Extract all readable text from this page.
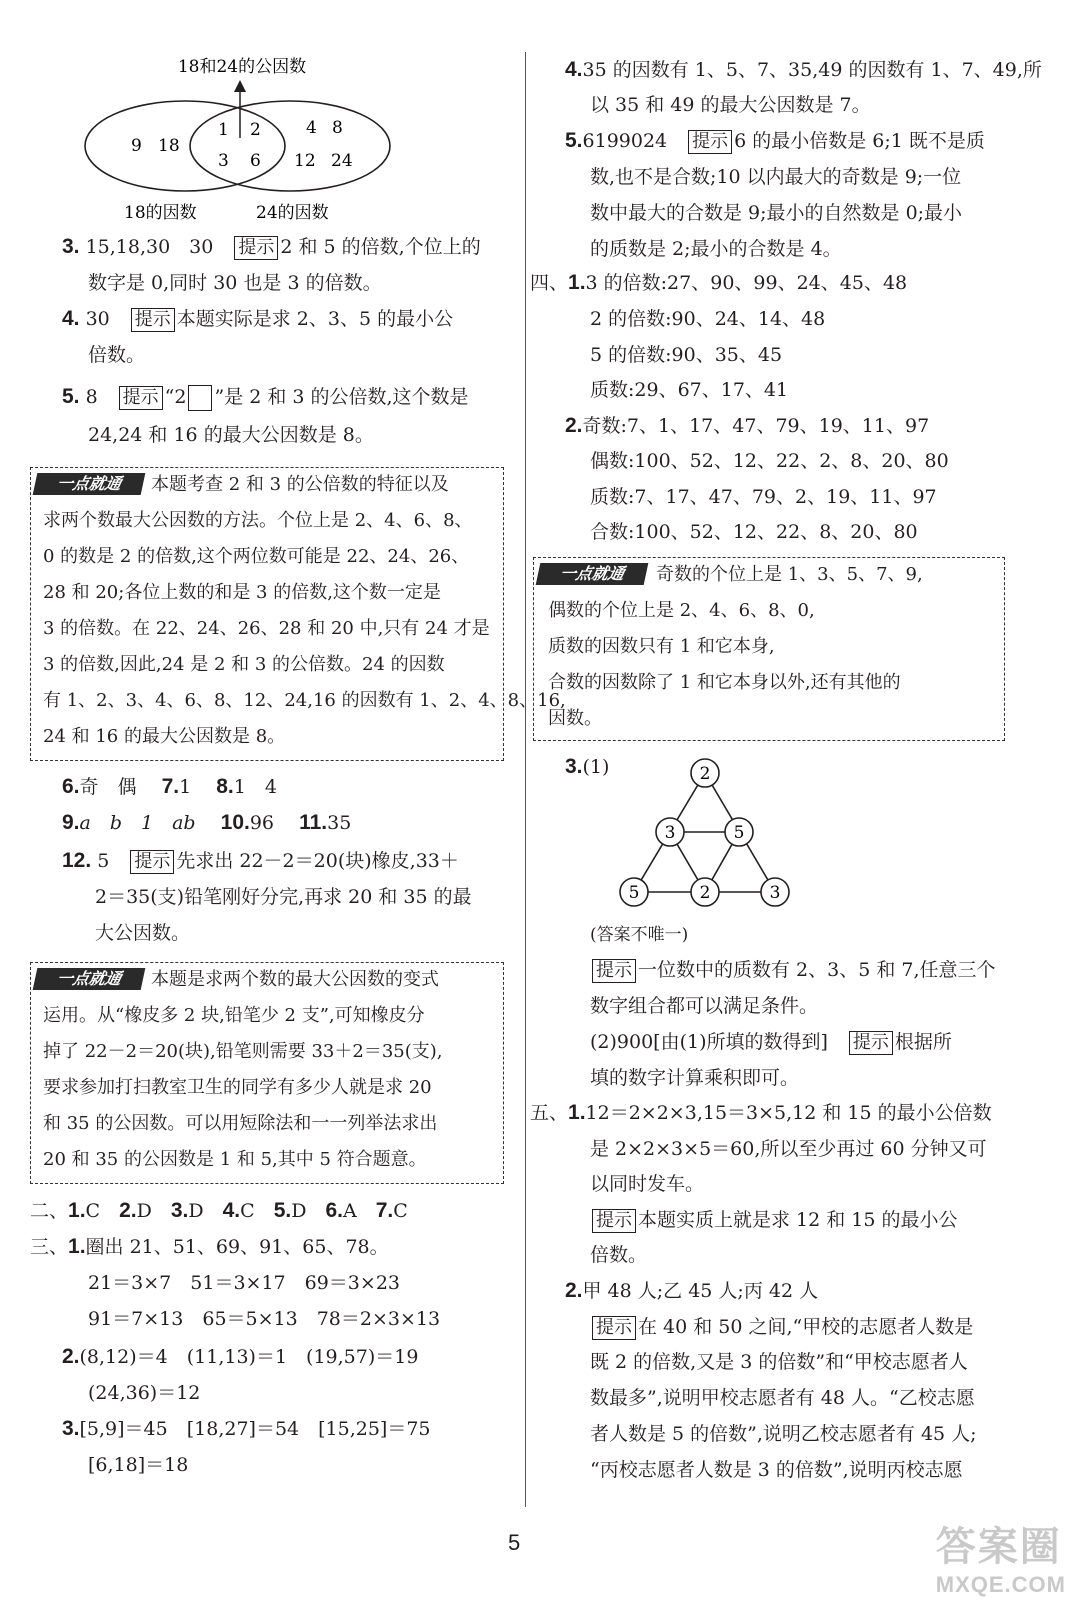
18和24的公因数
9 18
1 2
3 6
4 8
12 24
18的因数	24的因数
3. 15,18,30　30　提示 2 和 5 的倍数,个位上的
数字是 0,同时 30 也是 3 的倍数。
4. 30　提示 本题实际是求 2、3、5 的最小公
倍数。
5. 8　提示 “2 ”是 2 和 3 的公倍数,这个数是
24,24 和 16 的最大公因数是 8。
一点就通	本题考查 2 和 3 的公倍数的特征以及
求两个数最大公因数的方法。个位上是 2、4、6、8、
0 的数是 2 的倍数,这个两位数可能是 22、24、26、
28 和 20;各位上数的和是 3 的倍数,这个数一定是
3 的倍数。在 22、24、26、28 和 20 中,只有 24 才是
3 的倍数,因此,24 是 2 和 3 的公倍数。24 的因数
有 1、2、3、4、6、8、12、24,16 的因数有 1、2、4、8、16,
24 和 16 的最大公因数是 8。
6.奇　偶　 7.1　 8.1　4
9.a　b　1　ab　 10.96　 11.35
12. 5　提示 先求出 22－2＝20(块)橡皮,33＋
2＝35(支)铅笔刚好分完,再求 20 和 35 的最
大公因数。
一点就通	本题是求两个数的最大公因数的变式
运用。从“橡皮多 2 块,铅笔少 2 支”,可知橡皮分
掉了 22－2＝20(块),铅笔则需要 33＋2＝35(支),
要求参加打扫教室卫生的同学有多少人就是求 20
和 35 的公因数。可以用短除法和一一列举法求出
20 和 35 的公因数是 1 和 5,其中 5 符合题意。
二、1.C　 2.D　 3.D　 4.C　 5.D　 6.A　 7.C
三、1.圈出 21、51、69、91、65、78。
21＝3×7　51＝3×17　69＝3×23
91＝7×13　65＝5×13　78＝2×3×13
2.(8,12)＝4　(11,13)＝1　(19,57)＝19
(24,36)＝12
3.[5,9]＝45　[18,27]＝54　[15,25]＝75
[6,18]＝18
4.35 的因数有 1、5、7、35,49 的因数有 1、7、49,所
以 35 和 49 的最大公因数是 7。
5.6199024　提示 6 的最小倍数是 6;1 既不是质
数,也不是合数;10 以内最大的奇数是 9;一位
数中最大的合数是 9;最小的自然数是 0;最小
的质数是 2;最小的合数是 4。
四、1.3 的倍数:27、90、99、24、45、48
2 的倍数:90、24、14、48
5 的倍数:90、35、45
质数:29、67、17、41
2.奇数:7、1、17、47、79、19、11、97
偶数:100、52、12、22、2、8、20、80
质数:7、17、47、79、2、19、11、97
合数:100、52、12、22、8、20、80
一点就通	奇数的个位上是 1、3、5、7、9,
偶数的个位上是 2、4、6、8、0,
质数的因数只有 1 和它本身,
合数的因数除了 1 和它本身以外,还有其他的
因数。
3.(1)	2
3	5
5	2	3
(答案不唯一)
提示 一位数中的质数有 2、3、5 和 7,任意三个
数字组合都可以满足条件。
(2)900[由(1)所填的数得到]　提示 根据所
填的数字计算乘积即可。
五、1.12＝2×2×3,15＝3×5,12 和 15 的最小公倍数
是 2×2×3×5＝60,所以至少再过 60 分钟又可
以同时发车。
提示 本题实质上就是求 12 和 15 的最小公
倍数。
2.甲 48 人;乙 45 人;丙 42 人
提示 在 40 和 50 之间,“甲校的志愿者人数是
既 2 的倍数,又是 3 的倍数”和“甲校志愿者人
数最多”,说明甲校志愿者有 48 人。“乙校志愿
者人数是 5 的倍数”,说明乙校志愿者有 45 人;
“丙校志愿者人数是 3 的倍数”,说明丙校志愿
5	答案圈
MXQE.COM
